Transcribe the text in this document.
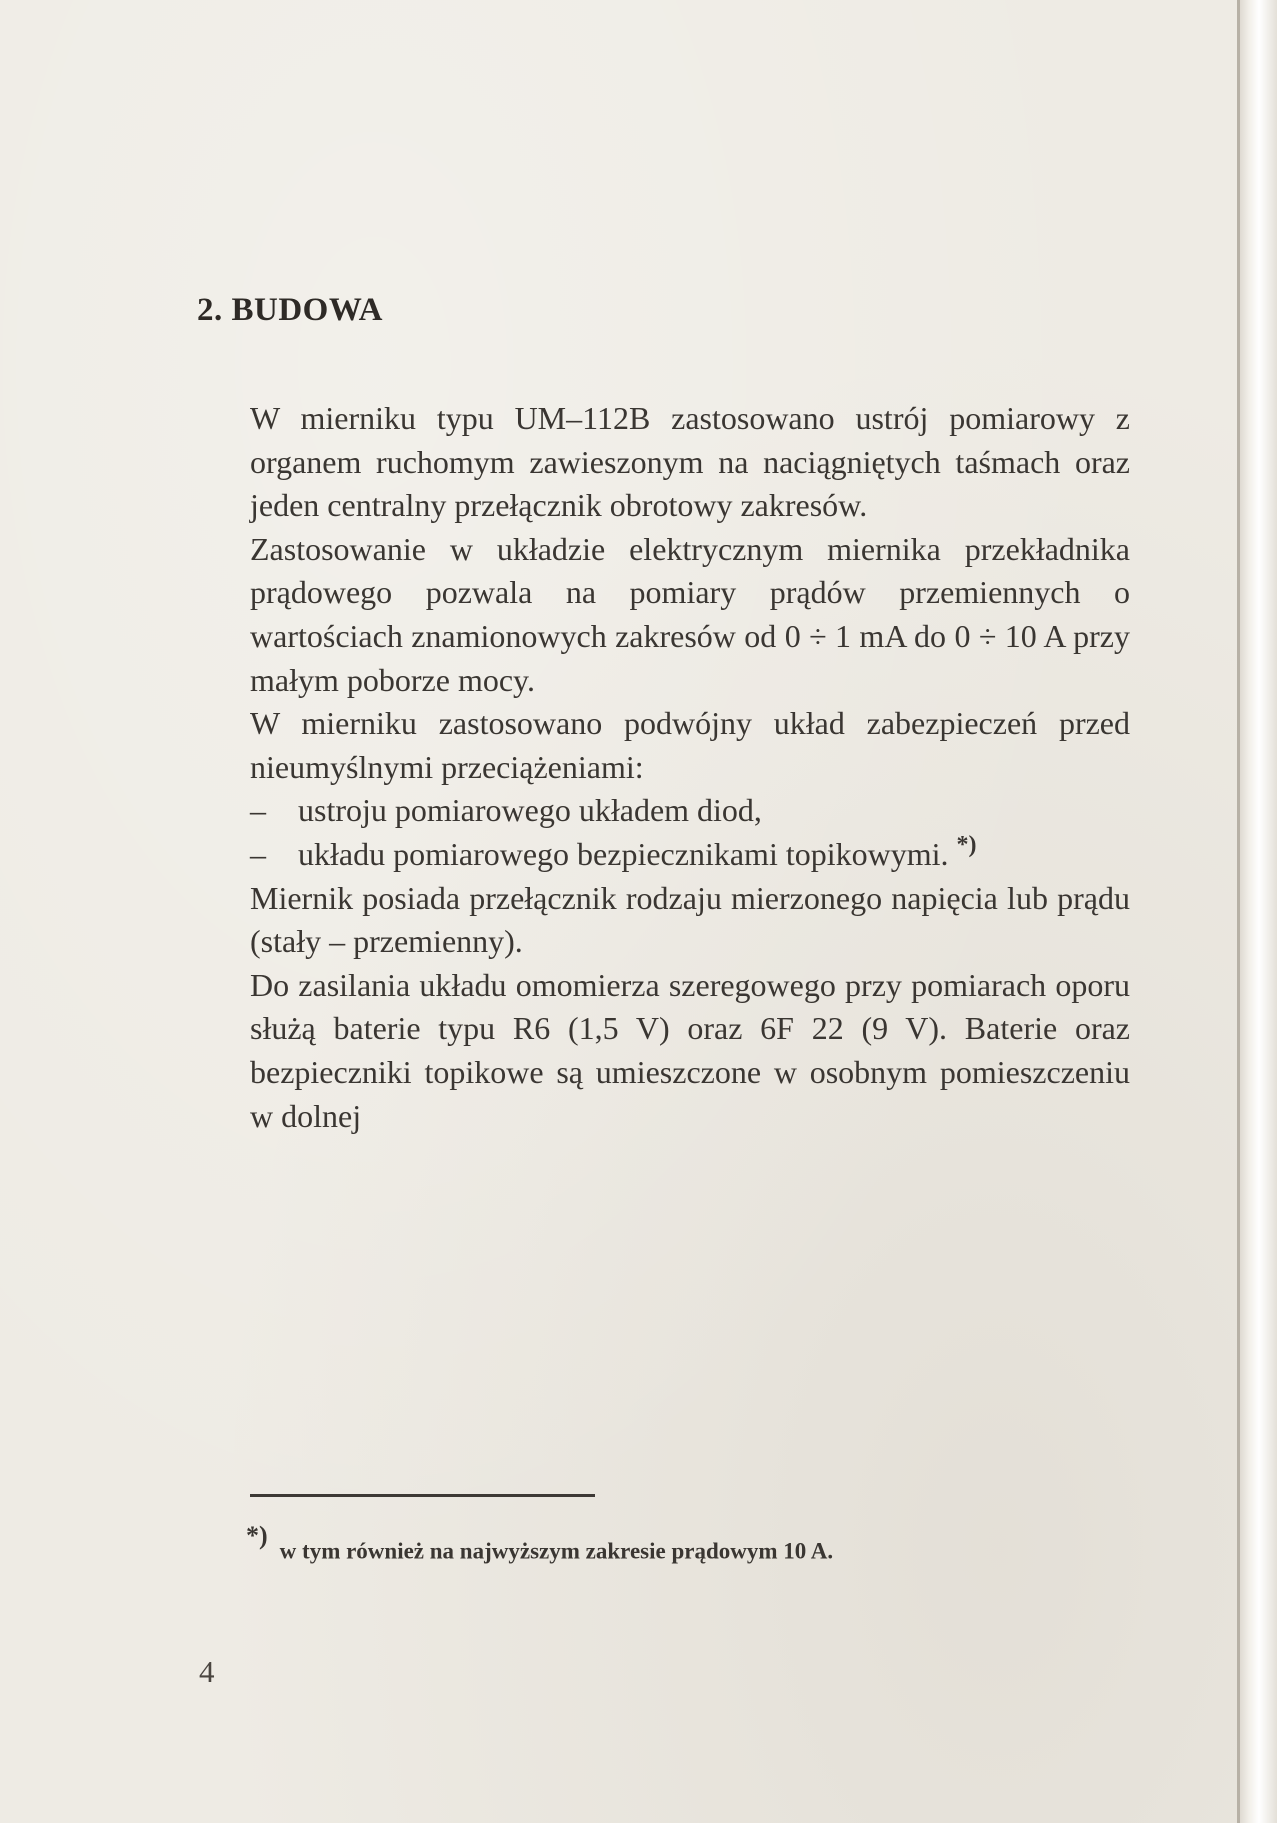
2. BUDOWA

W mierniku typu UM–112B zastosowano ustrój pomiarowy z organem ruchomym zawieszonym na naciągniętych taśmach oraz jeden centralny przełącznik obrotowy zakresów.

Zastosowanie w układzie elektrycznym miernika przekładnika prądowego pozwala na pomiary prądów przemiennych o wartościach znamionowych zakresów od 0 ÷ 1 mA do 0 ÷ 10 A przy małym poborze mocy.

W mierniku zastosowano podwójny układ zabezpieczeń przed nieumyślnymi przeciążeniami:

– ustroju pomiarowego układem diod,
– układu pomiarowego bezpiecznikami topikowymi. *)

Miernik posiada przełącznik rodzaju mierzonego napięcia lub prądu (stały – przemienny).

Do zasilania układu omomierza szeregowego przy pomiarach oporu służą baterie typu R6 (1,5 V) oraz 6F 22 (9 V). Baterie oraz bezpieczniki topikowe są umieszczone w osobnym pomieszczeniu w dolnej

*)w tym również na najwyższym zakresie prądowym 10 A.

4
